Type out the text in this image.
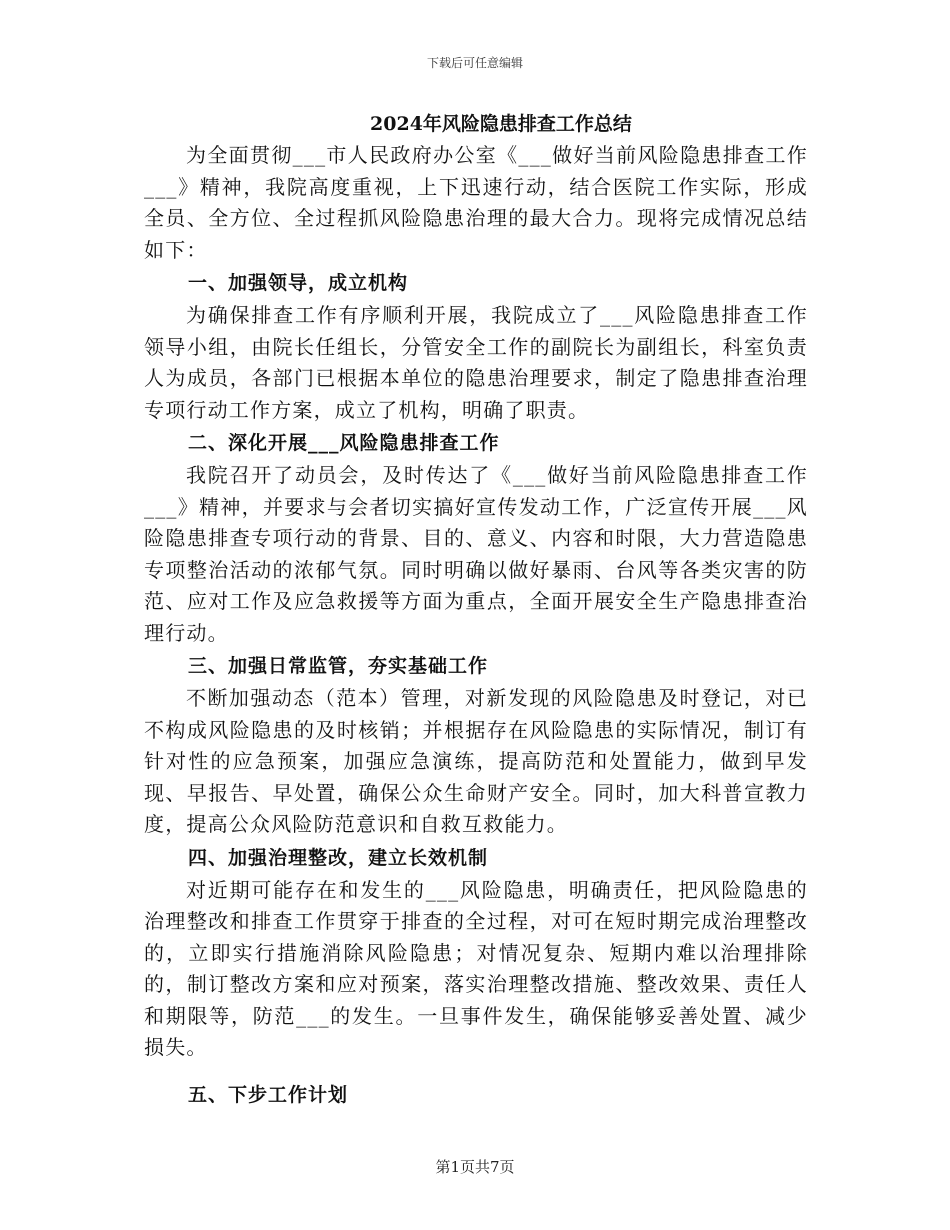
下载后可任意编辑
2024年风险隐患排查工作总结

为全面贯彻___市人民政府办公室《___做好当前风险隐患排查工作___》精神，我院高度重视，上下迅速行动，结合医院工作实际，形成全员、全方位、全过程抓风险隐患治理的最大合力。现将完成情况总结如下：

一、加强领导，成立机构

为确保排查工作有序顺利开展，我院成立了___风险隐患排查工作领导小组，由院长任组长，分管安全工作的副院长为副组长，科室负责人为成员，各部门已根据本单位的隐患治理要求，制定了隐患排查治理专项行动工作方案，成立了机构，明确了职责。

二、深化开展___风险隐患排查工作

我院召开了动员会，及时传达了《___做好当前风险隐患排查工作___》精神，并要求与会者切实搞好宣传发动工作，广泛宣传开展___风险隐患排查专项行动的背景、目的、意义、内容和时限，大力营造隐患专项整治活动的浓郁气氛。同时明确以做好暴雨、台风等各类灾害的防范、应对工作及应急救援等方面为重点，全面开展安全生产隐患排查治理行动。

三、加强日常监管，夯实基础工作

不断加强动态（范本）管理，对新发现的风险隐患及时登记，对已不构成风险隐患的及时核销；并根据存在风险隐患的实际情况，制订有针对性的应急预案，加强应急演练，提高防范和处置能力，做到早发现、早报告、早处置，确保公众生命财产安全。同时，加大科普宣教力度，提高公众风险防范意识和自救互救能力。

四、加强治理整改，建立长效机制

对近期可能存在和发生的___风险隐患，明确责任，把风险隐患的治理整改和排查工作贯穿于排查的全过程，对可在短时期完成治理整改的，立即实行措施消除风险隐患；对情况复杂、短期内难以治理排除的，制订整改方案和应对预案，落实治理整改措施、整改效果、责任人和期限等，防范___的发生。一旦事件发生，确保能够妥善处置、减少损失。

五、下步工作计划
第1页共7页
